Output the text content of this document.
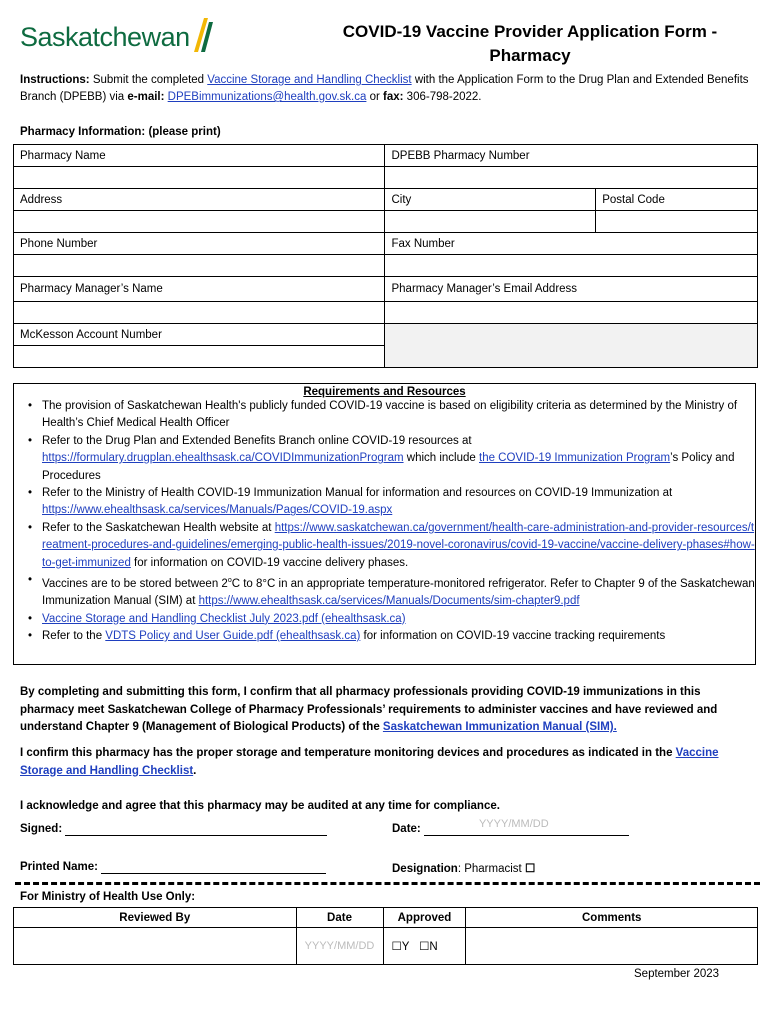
Saskatchewan	COVID-19 Vaccine Provider Application Form -
Pharmacy
Instructions: Submit the completed Vaccine Storage and Handling Checklist with the Application Form to the Drug Plan and Extended Benefits Branch (DPEBB) via e-mail: DPEBimmunizations@health.gov.sk.ca or fax: 306-798-2022.
Pharmacy Information: (please print)
Pharmacy Name	DPEBB Pharmacy Number	

Address	City	Postal Code

Phone Number	Fax Number	

Pharmacy Manager’s Name	Pharmacy Manager’s Email Address	

McKesson Account Number		

Requirements and Resources
• The provision of Saskatchewan Health's publicly funded COVID-19 vaccine is based on eligibility criteria as determined by the Ministry of Health’s Chief Medical Health Officer
• Refer to the Drug Plan and Extended Benefits Branch online COVID-19 resources at https://formulary.drugplan.ehealthsask.ca/COVIDImmunizationProgram which include the COVID-19 Immunization Program’s Policy and Procedures
• Refer to the Ministry of Health COVID-19 Immunization Manual for information and resources on COVID-19 Immunization at https://www.ehealthsask.ca/services/Manuals/Pages/COVID-19.aspx
• Refer to the Saskatchewan Health website at https://www.saskatchewan.ca/government/health-care-administration-and-provider-resources/treatment-procedures-and-guidelines/emerging-public-health-issues/2019-novel-coronavirus/covid-19-vaccine/vaccine-delivery-phases#how-to-get-immunized for information on COVID-19 vaccine delivery phases.
• Vaccines are to be stored between 2$^o$C to 8°C in an appropriate temperature-monitored refrigerator. Refer to Chapter 9 of the Saskatchewan Immunization Manual (SIM) at https://www.ehealthsask.ca/services/Manuals/Documents/sim-chapter9.pdf
• Vaccine Storage and Handling Checklist July 2023.pdf (ehealthsask.ca)
• Refer to the VDTS Policy and User Guide.pdf (ehealthsask.ca) for information on COVID-19 vaccine tracking requirements
By completing and submitting this form, I confirm that all pharmacy professionals providing COVID-19 immunizations in this pharmacy meet Saskatchewan College of Pharmacy Professionals’ requirements to administer vaccines and have reviewed and understand Chapter 9 (Management of Biological Products) of the Saskatchewan Immunization Manual (SIM).
I confirm this pharmacy has the proper storage and temperature monitoring devices and procedures as indicated in the Vaccine Storage and Handling Checklist.
I acknowledge and agree that this pharmacy may be audited at any time for compliance.
Signed:	Date:	YYYY/MM/DD
Printed Name:	Designation: Pharmacist ☐
For Ministry of Health Use Only:
Reviewed By	Date	Approved	Comments
	YYYY/MM/DD	☐Y ☐N	
September 2023
